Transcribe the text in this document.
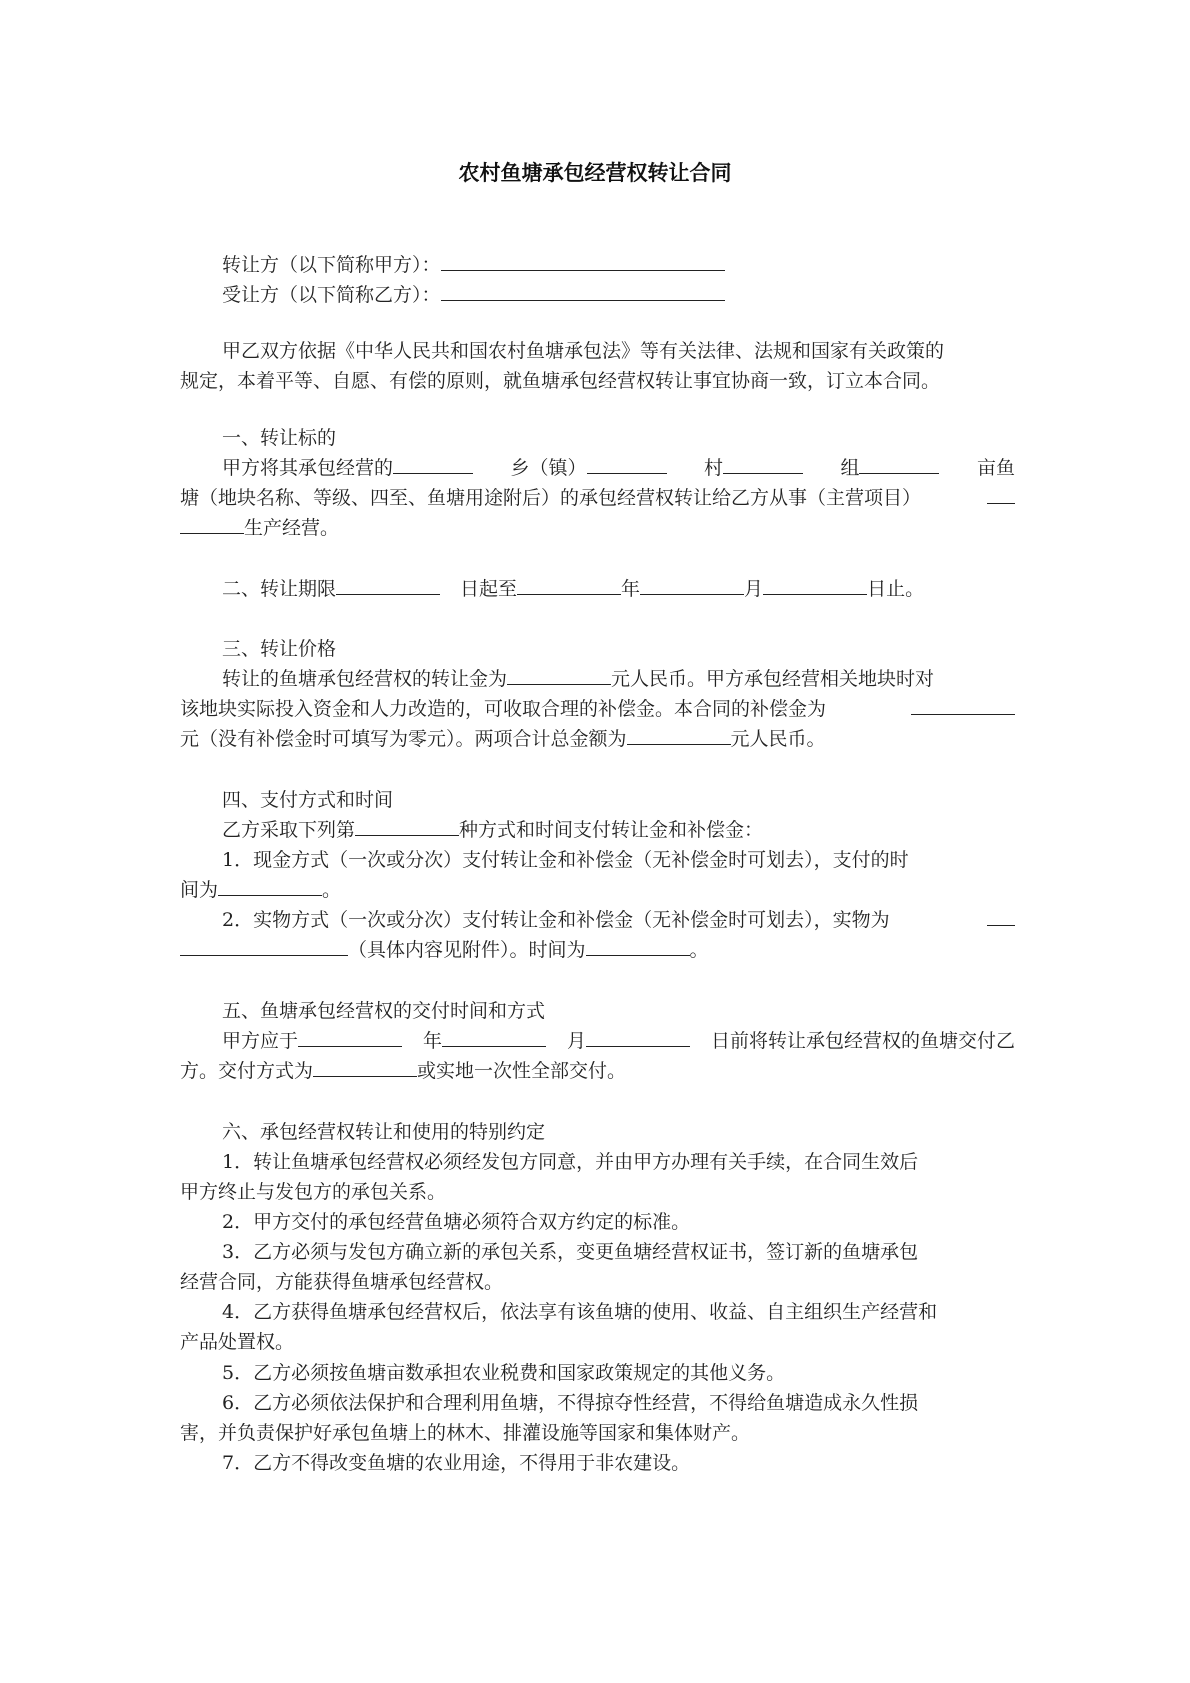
农村鱼塘承包经营权转让合同
转让方（以下简称甲方）：
受让方（以下简称乙方）：
甲乙双方依据《中华人民共和国农村鱼塘承包法》等有关法律、法规和国家有关政策的
规定，本着平等、自愿、有偿的原则，就鱼塘承包经营权转让事宜协商一致，订立本合同。
一、转让标的
甲方将其承包经营的	乡（镇）	村	组	亩鱼
塘（地块名称、等级、四至、鱼塘用途附后）的承包经营权转让给乙方从事（主营项目）
生产经营。
二、转让期限	日起至	年	月	日止。
三、转让价格
转让的鱼塘承包经营权的转让金为	元人民币。甲方承包经营相关地块时对
该地块实际投入资金和人力改造的，可收取合理的补偿金。本合同的补偿金为
元（没有补偿金时可填写为零元）。两项合计总金额为	元人民币。
四、支付方式和时间
乙方采取下列第	种方式和时间支付转让金和补偿金：
1．现金方式（一次或分次）支付转让金和补偿金（无补偿金时可划去），支付的时
间为	。
2．实物方式（一次或分次）支付转让金和补偿金（无补偿金时可划去），实物为
（具体内容见附件）。时间为	。
五、鱼塘承包经营权的交付时间和方式
甲方应于	年	月	日前将转让承包经营权的鱼塘交付乙
方。交付方式为	或实地一次性全部交付。
六、承包经营权转让和使用的特别约定
1．转让鱼塘承包经营权必须经发包方同意，并由甲方办理有关手续，在合同生效后
甲方终止与发包方的承包关系。
2．甲方交付的承包经营鱼塘必须符合双方约定的标准。
3．乙方必须与发包方确立新的承包关系，变更鱼塘经营权证书，签订新的鱼塘承包
经营合同，方能获得鱼塘承包经营权。
4．乙方获得鱼塘承包经营权后，依法享有该鱼塘的使用、收益、自主组织生产经营和
产品处置权。
5．乙方必须按鱼塘亩数承担农业税费和国家政策规定的其他义务。
6．乙方必须依法保护和合理利用鱼塘，不得掠夺性经营，不得给鱼塘造成永久性损
害，并负责保护好承包鱼塘上的林木、排灌设施等国家和集体财产。
7．乙方不得改变鱼塘的农业用途，不得用于非农建设。
